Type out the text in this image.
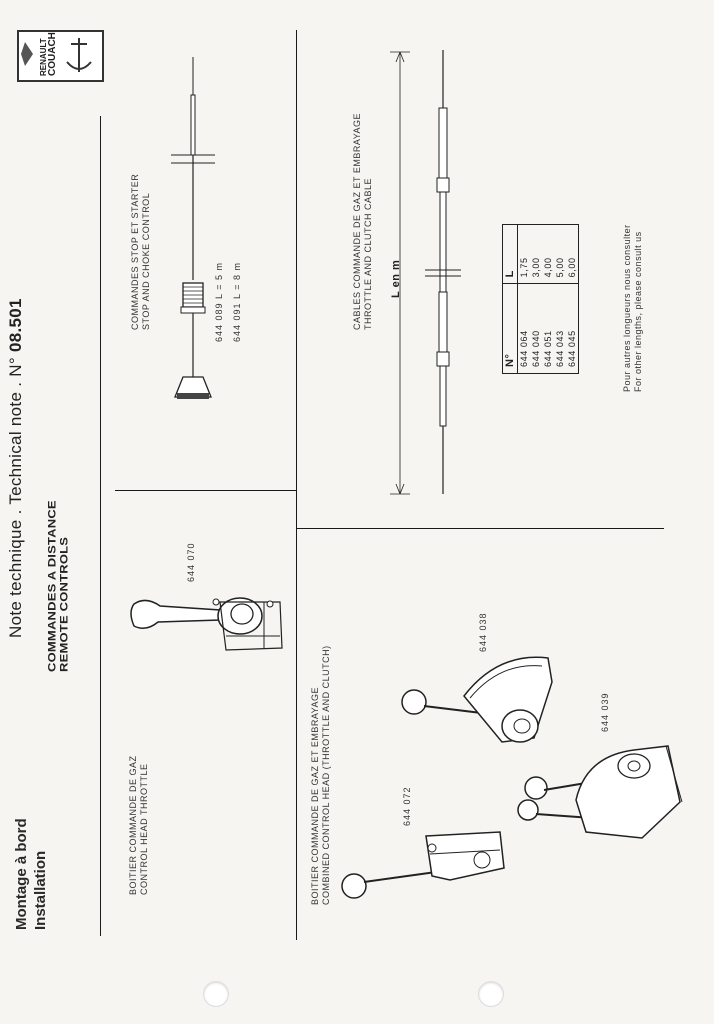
RENAULT COUACH
Note technique . Technical note . N° 08.501
COMMANDES A DISTANCE REMOTE CONTROLS
Montage à bord Installation	BOITIER COMMANDE DE GAZ CONTROL HEAD THROTTLE
644 070
BOITIER COMMANDE DE GAZ ET EMBRAYAGE COMBINED CONTROL HEAD (THROTTLE AND CLUTCH)
644 038
644 039
644 072
COMMANDES STOP ET STARTER STOP AND CHOKE CONTROL	644 089 L = 5 m 644 091 L = 8 m	CABLES COMMANDE DE GAZ ET EMBRAYAGE THROTTLE AND CLUTCH CABLE L en m
N°	L
644 064	1,75
644 040	3,00
644 051	4,00
644 043	5,00
644 045	6,00	Pour autres longueurs nous consulter For other lengths, please consult us
